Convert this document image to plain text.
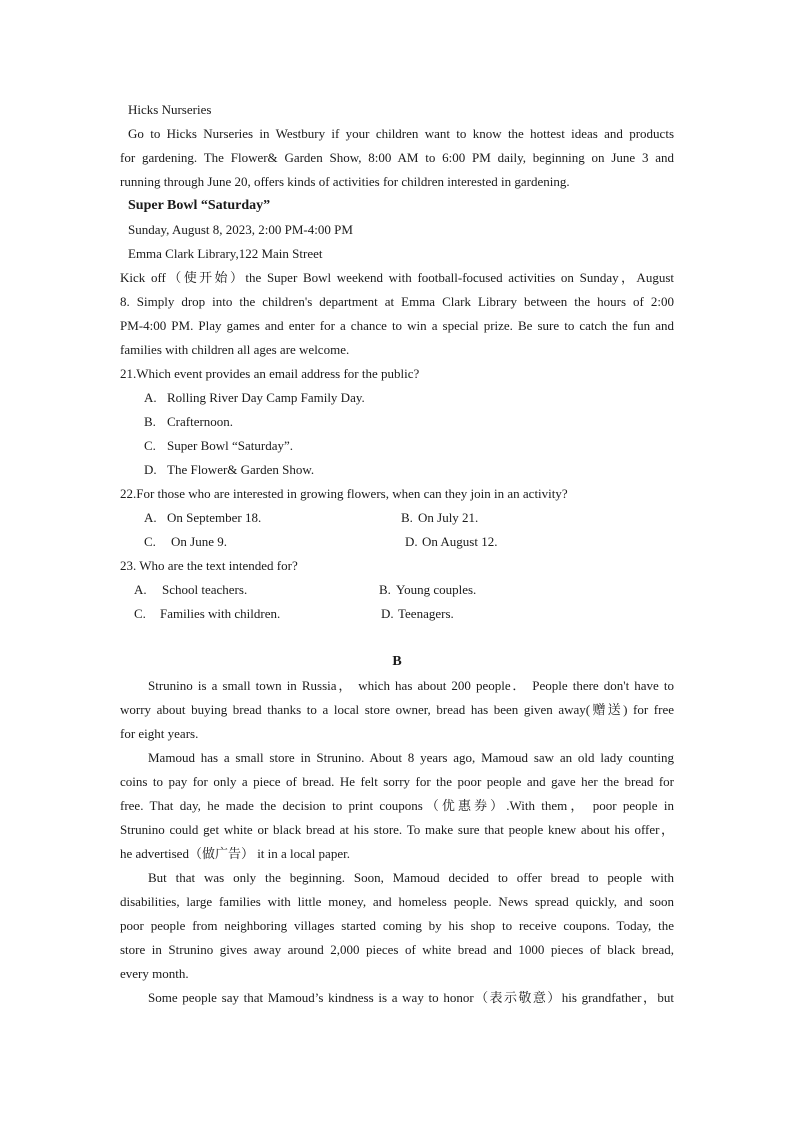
Hicks Nurseries
Go to Hicks Nurseries in Westbury if your children want to know the hottest ideas and products
for gardening. The Flower& Garden Show, 8:00 AM to 6:00 PM daily, beginning on June 3 and
running through June 20, offers kinds of activities for children interested in gardening.
Super Bowl “Saturday”
Sunday, August 8, 2023, 2:00 PM-4:00 PM
Emma Clark Library,122 Main Street
Kick off（使开始）the Super Bowl weekend with football-focused activities on Sunday，August
8. Simply drop into the children's department at Emma Clark Library between the hours of 2:00
PM-4:00 PM. Play games and enter for a chance to win a special prize. Be sure to catch the fun and
families with children all ages are welcome.
21.Which event provides an email address for the public?
A. Rolling River Day Camp Family Day.
B. Crafternoon.
C. Super Bowl “Saturday”.
D. The Flower& Garden Show.
22.For those who are interested in growing flowers, when can they join in an activity?
A. On September 18.	B. On July 21.
C. On June 9.	D. On August 12.
23. Who are the text intended for?
A. School teachers.	B. Young couples.
C. Families with children.	D. Teenagers.
B
Strunino is a small town in Russia， which has about 200 people． People there don't have to
worry about buying bread thanks to a local store owner, bread has been given away(赠送) for free
for eight years.
Mamoud has a small store in Strunino. About 8 years ago, Mamoud saw an old lady counting
coins to pay for only a piece of bread. He felt sorry for the poor people and gave her the bread for
free. That day, he made the decision to print coupons（优惠券）.With them， poor people in
Strunino could get white or black bread at his store. To make sure that people knew about his offer，
he advertised（做广告） it in a local paper.
But that was only the beginning. Soon, Mamoud decided to offer bread to people with
disabilities, large families with little money, and homeless people. News spread quickly, and soon
poor people from neighboring villages started coming by his shop to receive coupons. Today, the
store in Strunino gives away around 2,000 pieces of white bread and 1000 pieces of black bread,
every month.
Some people say that Mamoud’s kindness is a way to honor（表示敬意）his grandfather，but
